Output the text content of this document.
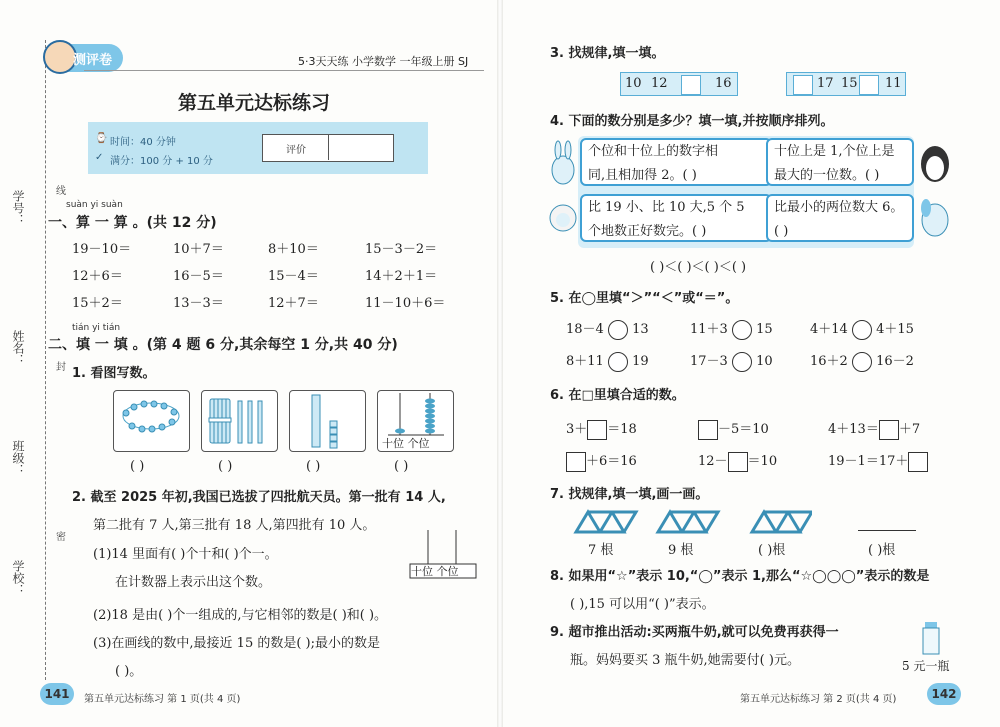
学校：
班级：
姓名：
学号：	线
封
密
测评卷	5·3天天练 小学数学 一年级上册 SJ
第五单元达标练习
⌚ 时间：40 分钟
✓ 满分：100 分 + 10 分
评价
suàn yi suàn
一、算 一 算 。(共 12 分)
19－10＝	10＋7＝	8＋10＝	15－3－2＝
12＋6＝	16－5＝	15－4＝	14＋2＋1＝
15＋2＝	13－3＝	12＋7＝	11－10＋6＝
tián yi tián
二、填 一 填 。(第 4 题 6 分,其余每空 1 分,共 40 分)
1. 看图写数。
十位 个位
( )	( )	( )	( )
2. 截至 2025 年初,我国已选拔了四批航天员。第一批有 14 人,
第二批有 7 人,第三批有 18 人,第四批有 10 人。
(1)14 里面有( )个十和( )个一。
在计数器上表示出这个数。
十位 个位
(2)18 是由( )个一组成的,与它相邻的数是( )和( )。
(3)在画线的数中,最接近 15 的数是( );最小的数是
( )。
141	第五单元达标练习 第 1 页(共 4 页)
3. 找规律,填一填。
10 12	16	17 15 11
4. 下面的数分别是多少？填一填,并按顺序排列。
个位和十位上的数字相
同,且相加得 2。( )
十位上是 1,个位上是
最大的一位数。( )
比 19 小、比 10 大,5 个 5
个地数正好数完。( )
比最小的两位数大 6。
( )
( )＜( )＜( )＜( )
5. 在◯里填“＞”“＜”或“＝”。
18－4 13	11＋3 15	4＋14 4＋15
8＋11 19	17－3 10	16＋2 16－2
6. 在□里填合适的数。
3＋ ＝18	－5＝10	4＋13＝ ＋7
＋6＝16	12－ ＝10	19－1＝17＋
7. 找规律,填一填,画一画。
7 根	9 根	( )根	( )根
8. 如果用“☆”表示 10,“◯”表示 1,那么“☆◯◯◯”表示的数是
( ),15 可以用“( )”表示。
9. 超市推出活动:买两瓶牛奶,就可以免费再获得一
瓶。妈妈要买 3 瓶牛奶,她需要付( )元。	5 元一瓶
第五单元达标练习 第 2 页(共 4 页)	142
